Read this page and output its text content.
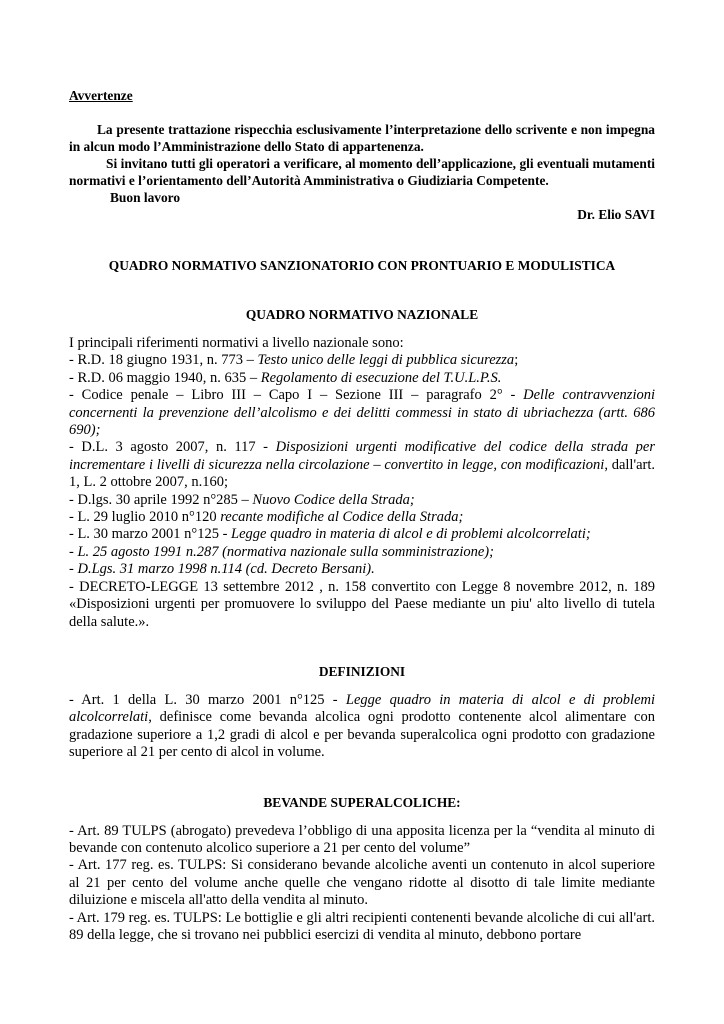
Avvertenze

La presente trattazione rispecchia esclusivamente l’interpretazione dello scrivente e non impegna in alcun modo l’Amministrazione dello Stato di appartenenza.

Si invitano tutti gli operatori a verificare, al momento dell’applicazione, gli eventuali mutamenti normativi e l’orientamento dell’Autorità Amministrativa o Giudiziaria Competente.

Buon lavoro

Dr. Elio SAVI

QUADRO NORMATIVO SANZIONATORIO CON PRONTUARIO E MODULISTICA
QUADRO NORMATIVO NAZIONALE

I principali riferimenti normativi a livello nazionale sono:

- R.D. 18 giugno 1931, n. 773 – Testo unico delle leggi di pubblica sicurezza;

- R.D. 06 maggio 1940, n. 635 – Regolamento di esecuzione del T.U.L.P.S.

- Codice penale – Libro III – Capo I – Sezione III – paragrafo 2° - Delle contravvenzioni concernenti la prevenzione dell’alcolismo e dei delitti commessi in stato di ubriachezza (artt. 686 690);

- D.L. 3 agosto 2007, n. 117 - Disposizioni urgenti modificative del codice della strada per incrementare i livelli di sicurezza nella circolazione – convertito in legge, con modificazioni, dall'art. 1, L. 2 ottobre 2007, n.160;

- D.lgs. 30 aprile 1992 n°285 – Nuovo Codice della Strada;

- L. 29 luglio 2010 n°120 recante modifiche al Codice della Strada;

- L. 30 marzo 2001 n°125 - Legge quadro in materia di alcol e di problemi alcolcorrelati;

- L. 25 agosto 1991 n.287 (normativa nazionale sulla somministrazione);

- D.Lgs. 31 marzo 1998 n.114 (cd. Decreto Bersani).

- DECRETO-LEGGE 13 settembre 2012 , n. 158 convertito con Legge 8 novembre 2012, n. 189 «Disposizioni urgenti per promuovere lo sviluppo del Paese mediante un piu' alto livello di tutela della salute.».

DEFINIZIONI

- Art. 1 della L. 30 marzo 2001 n°125 - Legge quadro in materia di alcol e di problemi alcolcorrelati, definisce come bevanda alcolica ogni prodotto contenente alcol alimentare con gradazione superiore a 1,2 gradi di alcol e per bevanda superalcolica ogni prodotto con gradazione superiore al 21 per cento di alcol in volume.

BEVANDE SUPERALCOLICHE:

- Art. 89 TULPS (abrogato) prevedeva l’obbligo di una apposita licenza per la “vendita al minuto di bevande con contenuto alcolico superiore a 21 per cento del volume”

- Art. 177 reg. es. TULPS: Si considerano bevande alcoliche aventi un contenuto in alcol superiore al 21 per cento del volume anche quelle che vengano ridotte al disotto di tale limite mediante diluizione e miscela all'atto della vendita al minuto.

- Art. 179 reg. es. TULPS: Le bottiglie e gli altri recipienti contenenti bevande alcoliche di cui all'art. 89 della legge, che si trovano nei pubblici esercizi di vendita al minuto, debbono portare
